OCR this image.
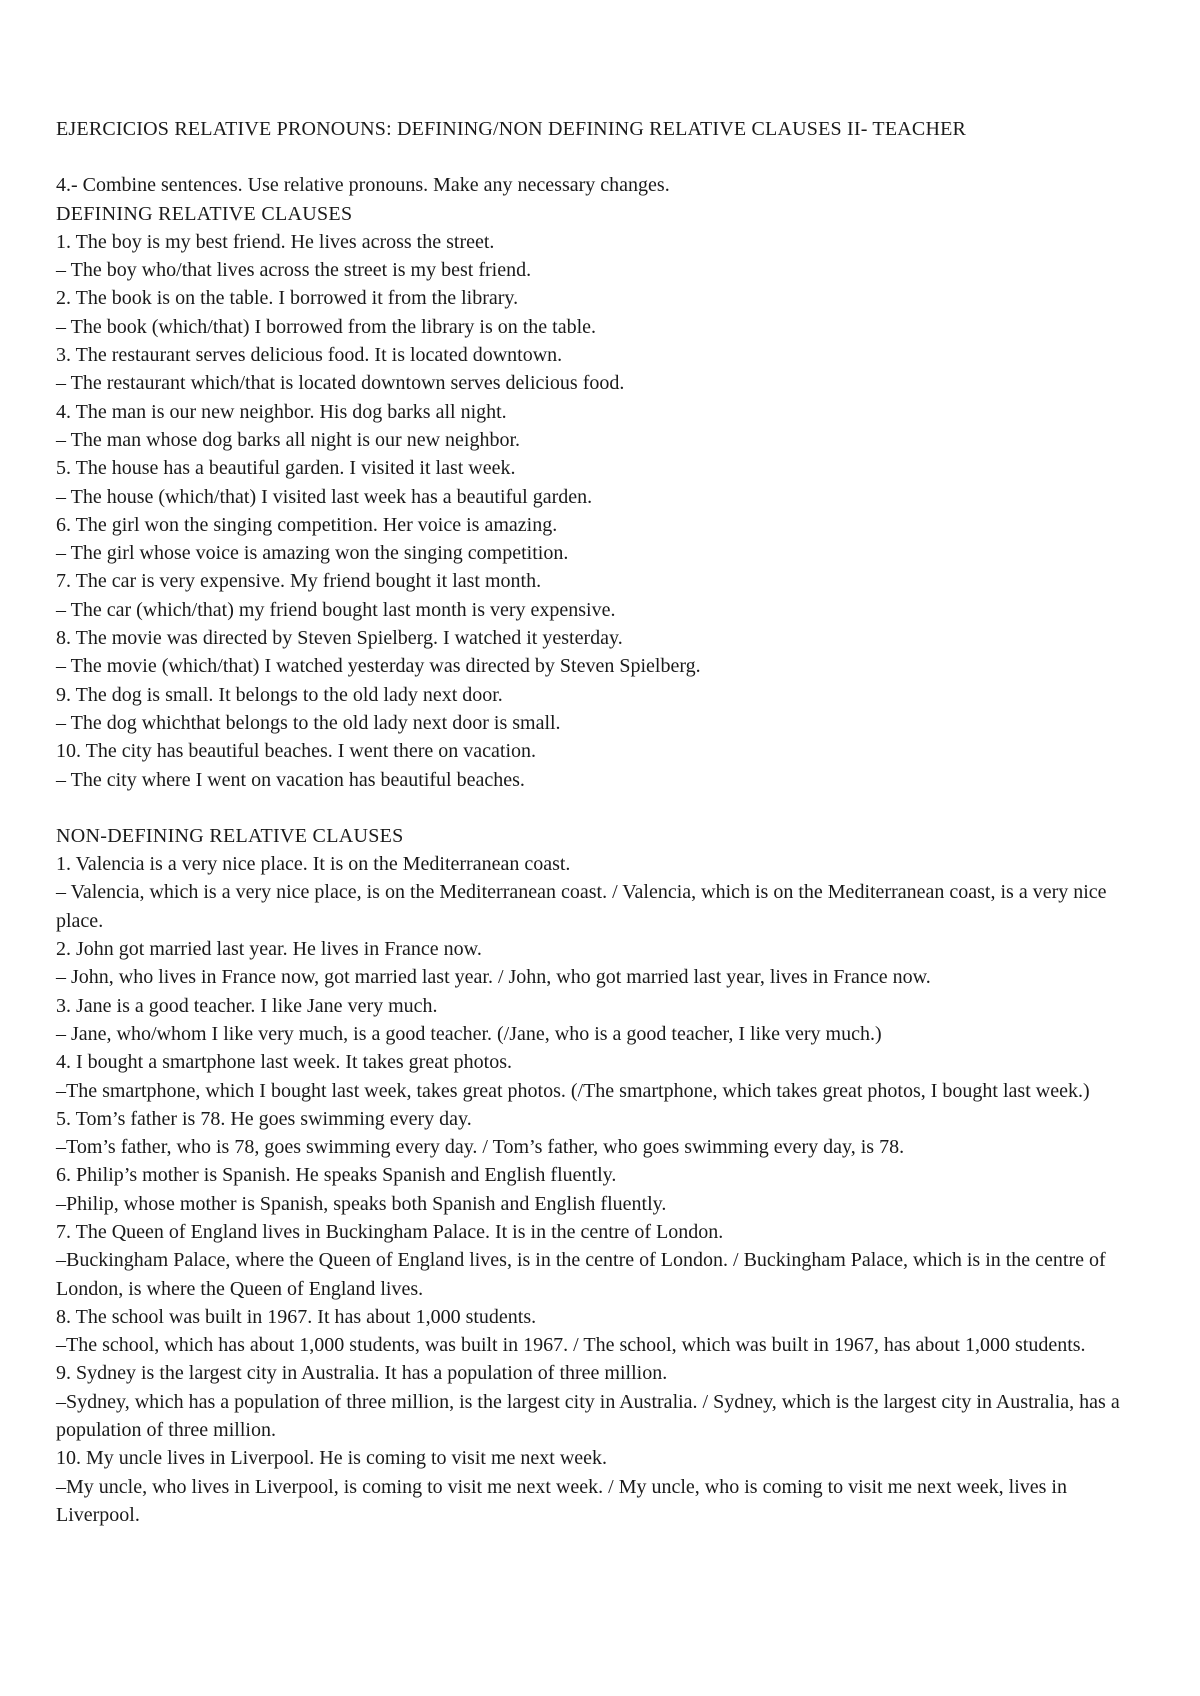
EJERCICIOS RELATIVE PRONOUNS: DEFINING/NON DEFINING RELATIVE CLAUSES II- TEACHER

4.- Combine sentences. Use relative pronouns. Make any necessary changes.

DEFINING RELATIVE CLAUSES

1. The boy is my best friend. He lives across the street.

– The boy who/that lives across the street is my best friend.

2. The book is on the table. I borrowed it from the library.

– The book (which/that) I borrowed from the library is on the table.

3. The restaurant serves delicious food. It is located downtown.

– The restaurant which/that is located downtown serves delicious food.

4. The man is our new neighbor. His dog barks all night.

– The man whose dog barks all night is our new neighbor.

5. The house has a beautiful garden. I visited it last week.

– The house (which/that) I visited last week has a beautiful garden.

6. The girl won the singing competition. Her voice is amazing.

– The girl whose voice is amazing won the singing competition.

7. The car is very expensive. My friend bought it last month.

– The car (which/that) my friend bought last month is very expensive.

8. The movie was directed by Steven Spielberg. I watched it yesterday.

– The movie (which/that) I watched yesterday was directed by Steven Spielberg.

9. The dog is small. It belongs to the old lady next door.

– The dog whichthat belongs to the old lady next door is small.

10. The city has beautiful beaches. I went there on vacation.

– The city where I went on vacation has beautiful beaches.

NON-DEFINING RELATIVE CLAUSES

1. Valencia is a very nice place. It is on the Mediterranean coast.

– Valencia, which is a very nice place, is on the Mediterranean coast. / Valencia, which is on the Mediterranean coast, is a very nice place.

2. John got married last year. He lives in France now.

– John, who lives in France now, got married last year. / John, who got married last year, lives in France now.

3. Jane is a good teacher. I like Jane very much.

– Jane, who/whom I like very much, is a good teacher. (/Jane, who is a good teacher, I like very much.)

4. I bought a smartphone last week. It takes great photos.

–The smartphone, which I bought last week, takes great photos. (/The smartphone, which takes great photos, I bought last week.)

5. Tom’s father is 78. He goes swimming every day.

–Tom’s father, who is 78, goes swimming every day. / Tom’s father, who goes swimming every day, is 78.

6. Philip’s mother is Spanish. He speaks Spanish and English fluently.

–Philip, whose mother is Spanish, speaks both Spanish and English fluently.

7. The Queen of England lives in Buckingham Palace. It is in the centre of London.

–Buckingham Palace, where the Queen of England lives, is in the centre of London. / Buckingham Palace, which is in the centre of London, is where the Queen of England lives.

8. The school was built in 1967. It has about 1,000 students.

–The school, which has about 1,000 students, was built in 1967. / The school, which was built in 1967, has about 1,000 students.

9. Sydney is the largest city in Australia. It has a population of three million.

–Sydney, which has a population of three million, is the largest city in Australia. / Sydney, which is the largest city in Australia, has a population of three million.

10. My uncle lives in Liverpool. He is coming to visit me next week.

–My uncle, who lives in Liverpool, is coming to visit me next week. / My uncle, who is coming to visit me next week, lives in Liverpool.
